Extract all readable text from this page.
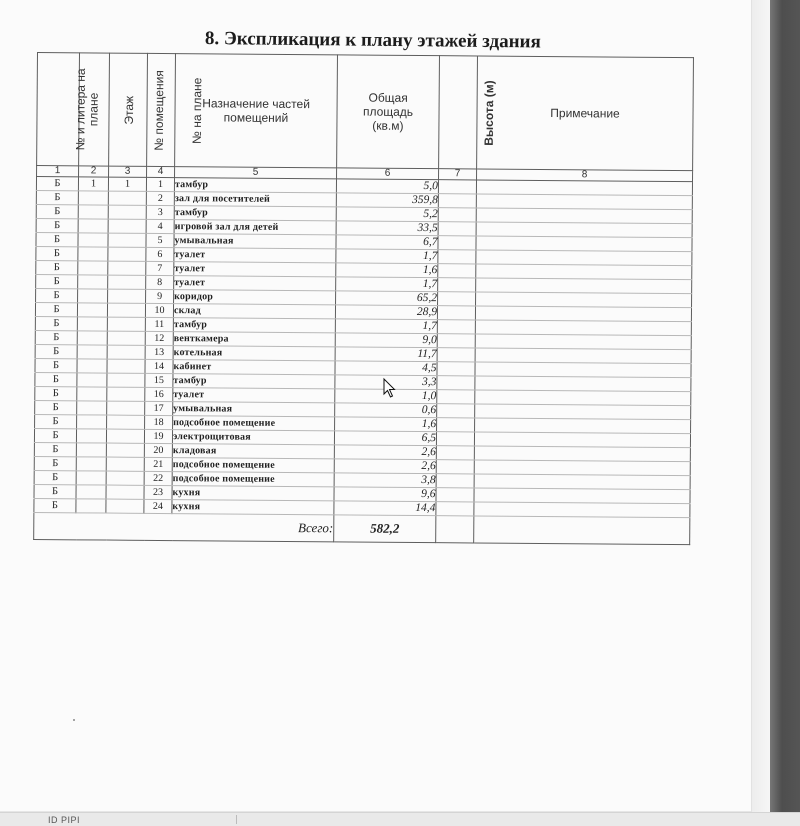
8. Экспликация к плану этажей здания
№ и литера на плане	Этаж	№ помещения	№ на плане	Назначение частей помещений	Общая площадь (кв.м)	Высота (м)	Примечание

1	2	3	4	5	6	7	8
Б	1	1	1	тамбур	5,0		
Б			2	зал для посетителей	359,8		
Б			3	тамбур	5,2		
Б			4	игровой зал для детей	33,5		
Б			5	умывальная	6,7		
Б			6	туалет	1,7		
Б			7	туалет	1,6		
Б			8	туалет	1,7		
Б			9	коридор	65,2		
Б			10	склад	28,9		
Б			11	тамбур	1,7		
Б			12	венткамера	9,0		
Б			13	котельная	11,7		
Б			14	кабинет	4,5		
Б			15	тамбур	3,3		
Б			16	туалет	1,0		
Б			17	умывальная	0,6		
Б			18	подсобное помещение	1,6		
Б			19	электрощитовая	6,5		
Б			20	кладовая	2,6		
Б			21	подсобное помещение	2,6		
Б			22	подсобное помещение	3,8		
Б			23	кухня	9,6		
Б			24	кухня	14,4		
Всего:					582,2		
ID PIPI
